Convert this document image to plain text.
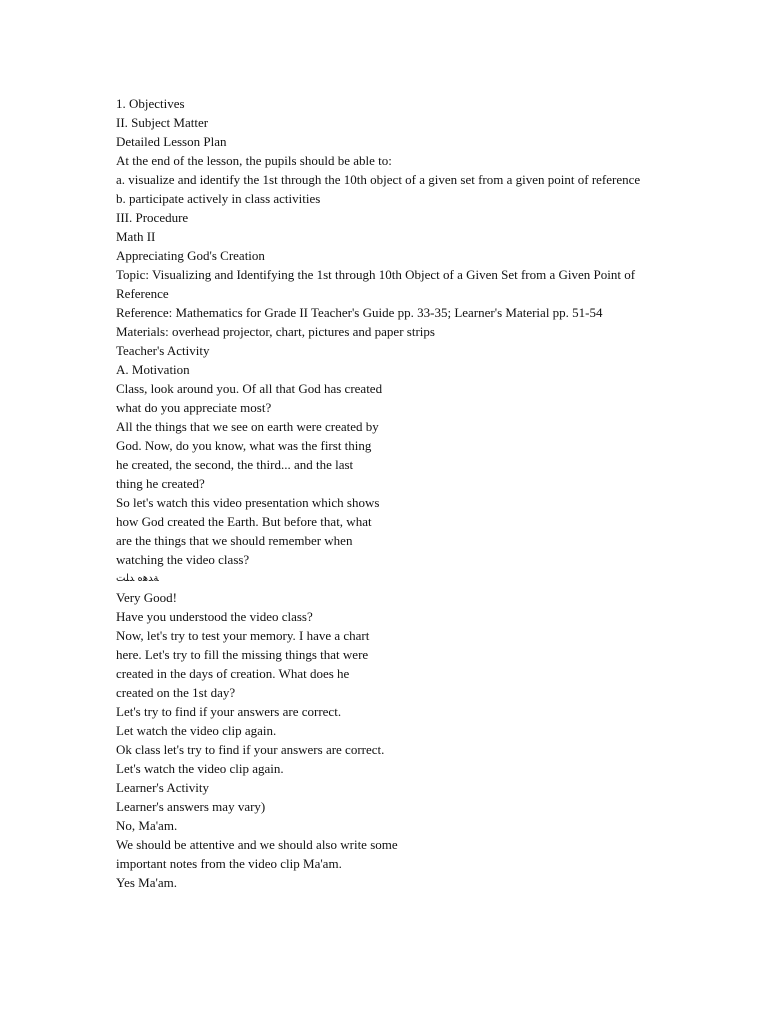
1. Objectives
II. Subject Matter
Detailed Lesson Plan
At the end of the lesson, the pupils should be able to:
a. visualize and identify the 1st through the 10th object of a given set from a given point of reference
b. participate actively in class activities
III. Procedure
Math II
Appreciating God's Creation
Topic: Visualizing and Identifying the 1st through 10th Object of a Given Set from a Given Point of
Reference
Reference: Mathematics for Grade II Teacher's Guide pp. 33-35; Learner's Material pp. 51-54
Materials: overhead projector, chart, pictures and paper strips
Teacher's Activity
A. Motivation
Class, look around you. Of all that God has created
what do you appreciate most?
All the things that we see on earth were created by
God. Now, do you know, what was the first thing
he created, the second, the third... and the last
thing he created?
So let's watch this video presentation which shows
how God created the Earth. But before that, what
are the things that we should remember when
watching the video class?
ﺔﺪﻫﻩ ﺪﻠﺖ
Very Good!
Have you understood the video class?
Now, let's try to test your memory. I have a chart
here. Let's try to fill the missing things that were
created in the days of creation. What does he
created on the 1st day?
Let's try to find if your answers are correct.
Let watch the video clip again.
Ok class let's try to find if your answers are correct.
Let's watch the video clip again.
Learner's Activity
Learner's answers may vary)
No, Ma'am.
We should be attentive and we should also write some
important notes from the video clip Ma'am.
Yes Ma'am.
